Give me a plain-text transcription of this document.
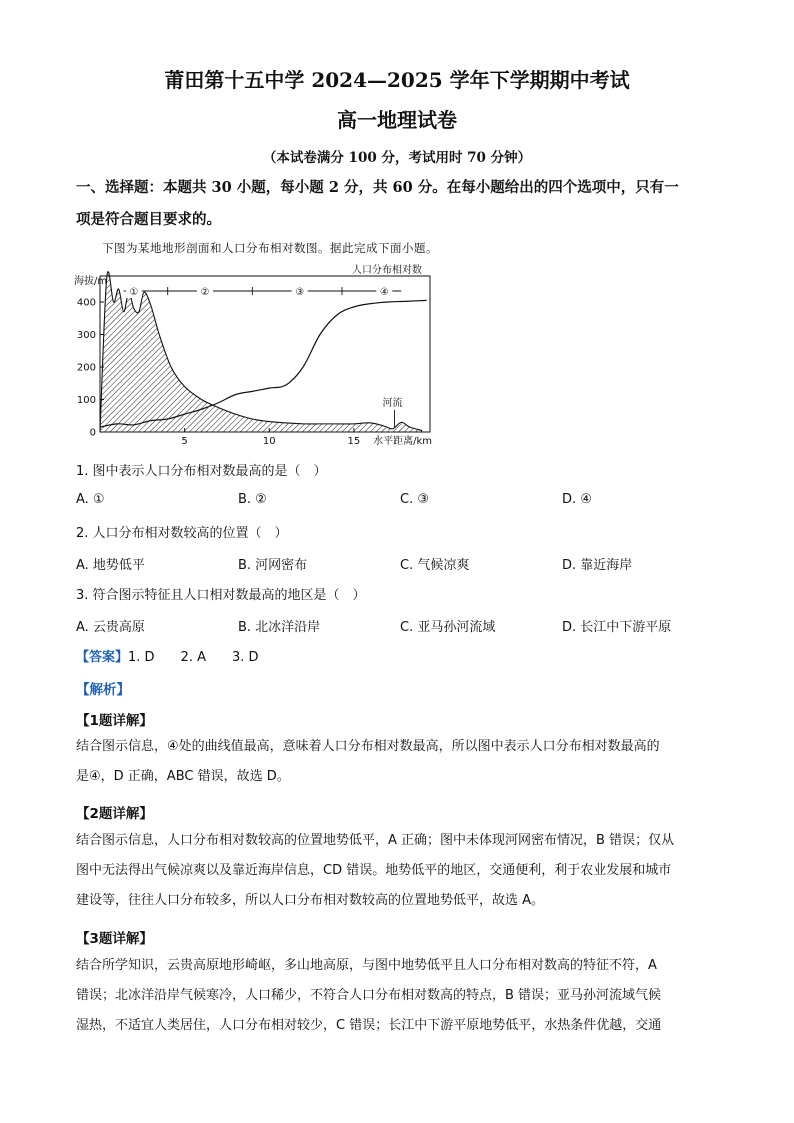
莆田第十五中学 2024—2025 学年下学期期中考试
高一地理试卷
（本试卷满分 100 分，考试用时 70 分钟）
一、选择题：本题共 30 小题，每小题 2 分，共 60 分。在每小题给出的四个选项中，只有一
项是符合题目要求的。
下图为某地地形剖面和人口分布相对数图。据此完成下面小题。
0
100
200
300
400
5	10	15
海拔/m
水平距离/km
人口分布相对数
①	②	③	④
河流
1. 图中表示人口分布相对数最高的是（　）
A. ①	B. ②	C. ③	D. ④
2. 人口分布相对数较高的位置（　）
A. 地势低平	B. 河网密布	C. 气候凉爽	D. 靠近海岸
3. 符合图示特征且人口相对数最高的地区是（　）
A. 云贵高原	B. 北冰洋沿岸	C. 亚马孙河流域	D. 长江中下游平原
【答案】1. D　　2. A　　3. D
【解析】
【1题详解】
结合图示信息，④处的曲线值最高，意味着人口分布相对数最高，所以图中表示人口分布相对数最高的
是④，D 正确，ABC 错误，故选 D。
【2题详解】
结合图示信息，人口分布相对数较高的位置地势低平，A 正确；图中未体现河网密布情况，B 错误；仅从
图中无法得出气候凉爽以及靠近海岸信息，CD 错误。地势低平的地区，交通便利，利于农业发展和城市
建设等，往往人口分布较多，所以人口分布相对数较高的位置地势低平，故选 A。
【3题详解】
结合所学知识，云贵高原地形崎岖，多山地高原，与图中地势低平且人口分布相对数高的特征不符，A
错误；北冰洋沿岸气候寒冷，人口稀少，不符合人口分布相对数高的特点，B 错误；亚马孙河流域气候
湿热，不适宜人类居住，人口分布相对较少，C 错误；长江中下游平原地势低平，水热条件优越，交通
